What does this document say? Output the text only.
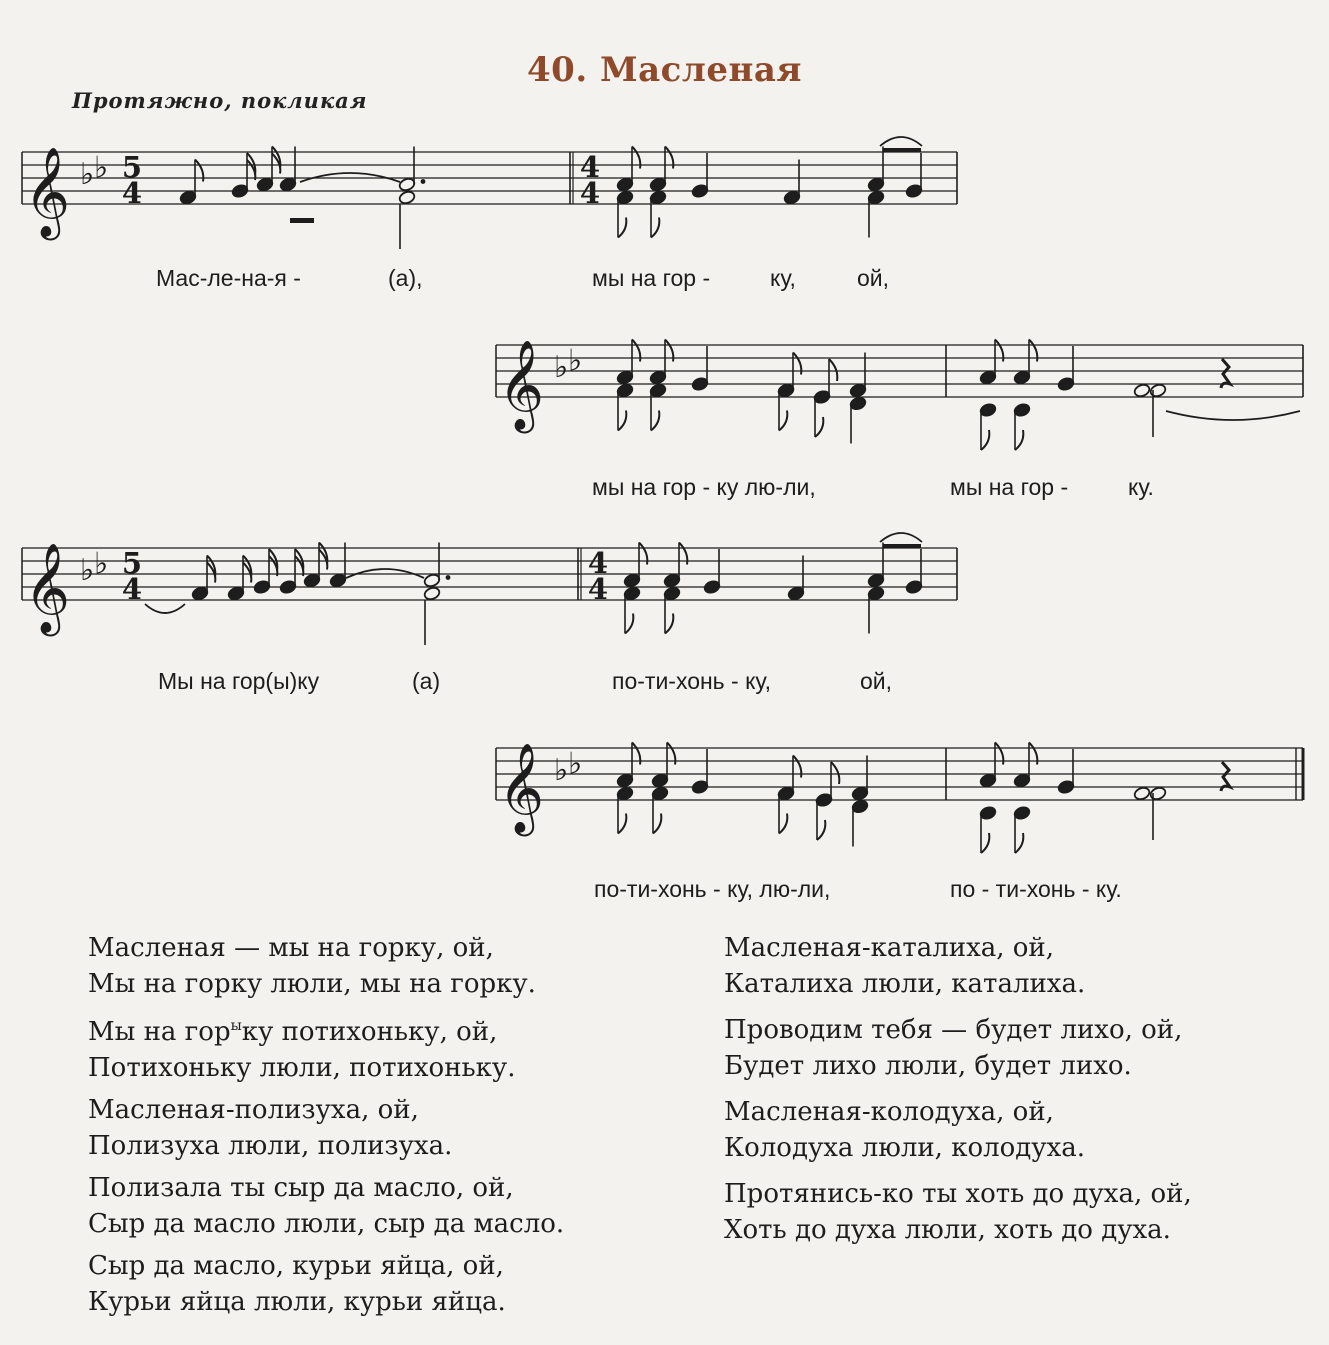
40. Масленая
Протяжно, покликая
𝄞 ♭ ♭ 5
4
4
4
𝄞 ♭ ♭
𝄞 ♭ ♭ 5
4
4
4
𝄞 ♭ ♭
Мас-ле-на-я -	(а),	мы на гор -	ку,	ой,
мы на гор - ку лю-ли,	мы на гор -	ку.
Мы на гор(ы)ку	(а)	по-ти-хонь - ку,	ой,
по-ти-хонь - ку, лю-ли,	по - ти-хонь - ку.
Масленая — мы на горку, ой,
Мы на горку люли, мы на горку.
Мы на гор$^ы$ку потихоньку, ой,
Потихоньку люли, потихоньку.
Масленая-полизуха, ой,
Полизуха люли, полизуха.
Полизала ты сыр да масло, ой,
Сыр да масло люли, сыр да масло.
Сыр да масло, курьи яйца, ой,
Курьи яйца люли, курьи яйца.
Масленая-каталиха, ой,
Каталиха люли, каталиха.
Проводим тебя — будет лихо, ой,
Будет лихо люли, будет лихо.
Масленая-колодуха, ой,
Колодуха люли, колодуха.
Протянись-ко ты хоть до духа, ой,
Хоть до духа люли, хоть до духа.
